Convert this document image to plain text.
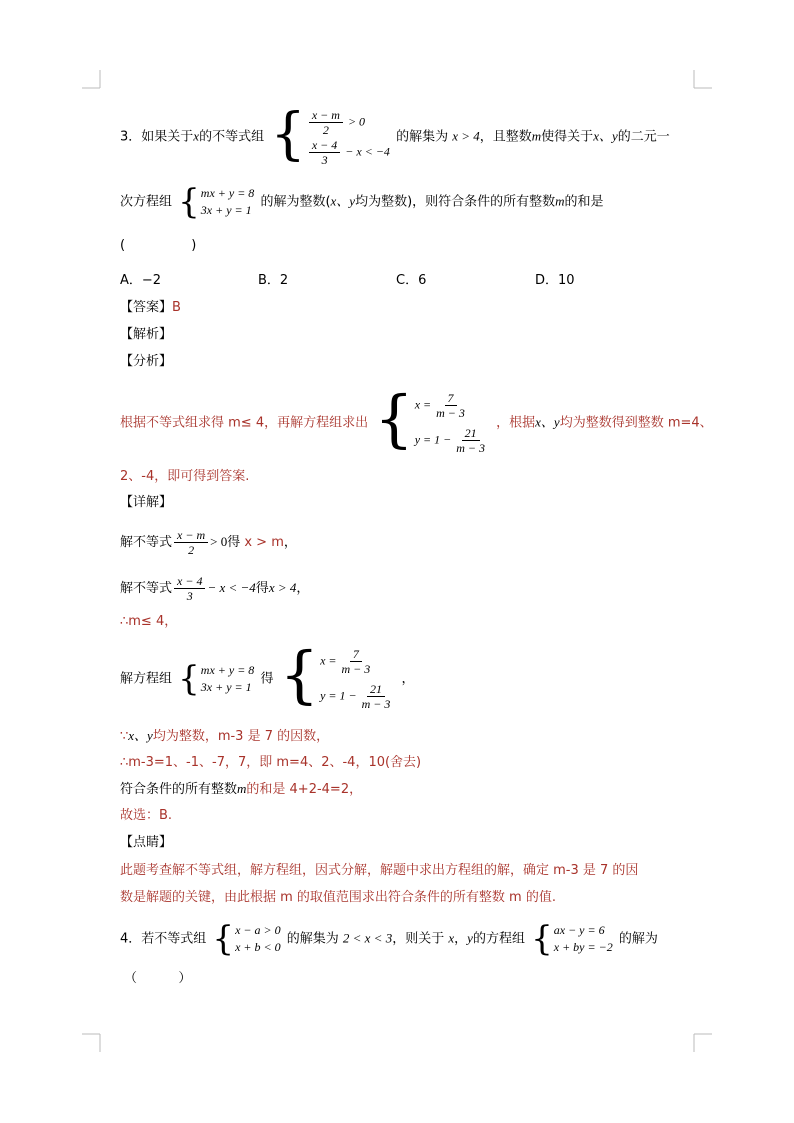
3．如果关于x的不等式组 { $\frac{x - m}{2} > 0$
$\frac{x - 4}{3} - x < -4$
的解集为 x > 4，且整数m使得关于x、y的二元一
次方程组 { mx + y = 8
3x + y = 1
的解为整数(x、y均为整数)，则符合条件的所有整数m的和是
(                )
A．−2	B．2	C．6	D．10
【答案】B
【解析】
【分析】
根据不等式组求得 m≤ 4，再解方程组求出 { $x = \frac{7}{m - 3}$
$y = 1 - \frac{21}{m - 3}$
，根据x、y均为整数得到整数 m=4、
2、-4，即可得到答案.
【详解】
解不等式 $\frac{x - m}{2} > 0$得 x > m，
解不等式 $\frac{x - 4}{3} - x < -4$得x > 4，
∴m≤ 4，
解方程组 { mx + y = 8
3x + y = 1
得 { $x = \frac{7}{m - 3}$
$y = 1 - \frac{21}{m - 3}$
，
∵x、y均为整数，m-3 是 7 的因数，
∴m-3=1、-1、-7，7，即 m=4、2、-4，10(舍去)
符合条件的所有整数m的和是 4+2-4=2，
故选：B.
【点睛】
此题考查解不等式组，解方程组，因式分解，解题中求出方程组的解，确定 m-3 是 7 的因
数是解题的关键，由此根据 m 的取值范围求出符合条件的所有整数 m 的值.
4．若不等式组 { x − a > 0
x + b < 0
的解集为 2 < x < 3，则关于 x，y的方程组 { ax − y = 6
x + by = −2
的解为
（          ）
